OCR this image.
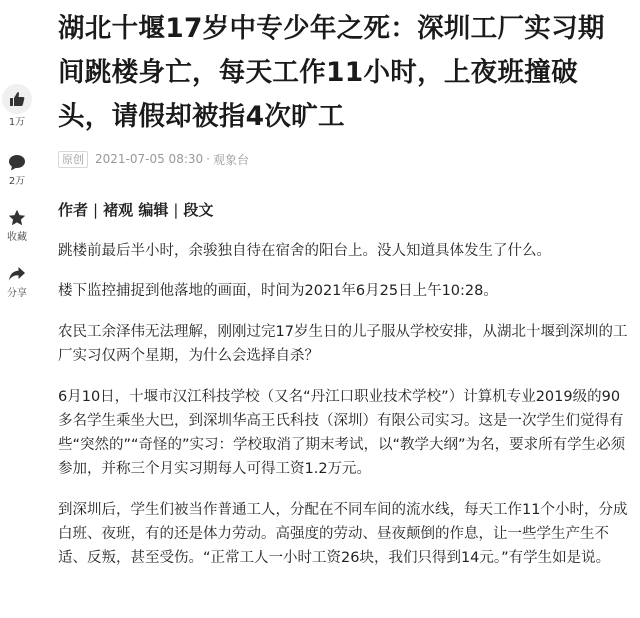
1万
2万
收藏
分享
湖北十堰17岁中专少年之死：深圳工厂实习期间跳楼身亡，每天工作11小时，上夜班撞破头，请假却被指4次旷工
原创 2021-07-05 08:30 · 观象台
作者 | 褚观 编辑 | 段文

跳楼前最后半小时，余骏独自待在宿舍的阳台上。没人知道具体发生了什么。

楼下监控捕捉到他落地的画面，时间为2021年6月25日上午10:28。

农民工余泽伟无法理解，刚刚过完17岁生日的儿子服从学校安排，从湖北十堰到深圳的工厂实习仅两个星期，为什么会选择自杀？

6月10日，十堰市汉江科技学校（又名“丹江口职业技术学校”）计算机专业2019级的90多名学生乘坐大巴，到深圳华高王氏科技（深圳）有限公司实习。这是一次学生们觉得有些“突然的”“奇怪的”实习：学校取消了期末考试，以“教学大纲”为名，要求所有学生必须参加，并称三个月实习期每人可得工资1.2万元。

到深圳后，学生们被当作普通工人，分配在不同车间的流水线，每天工作11个小时，分成白班、夜班，有的还是体力劳动。高强度的劳动、昼夜颠倒的作息，让一些学生产生不适、反叛，甚至受伤。“正常工人一小时工资26块，我们只得到14元。”有学生如是说。
